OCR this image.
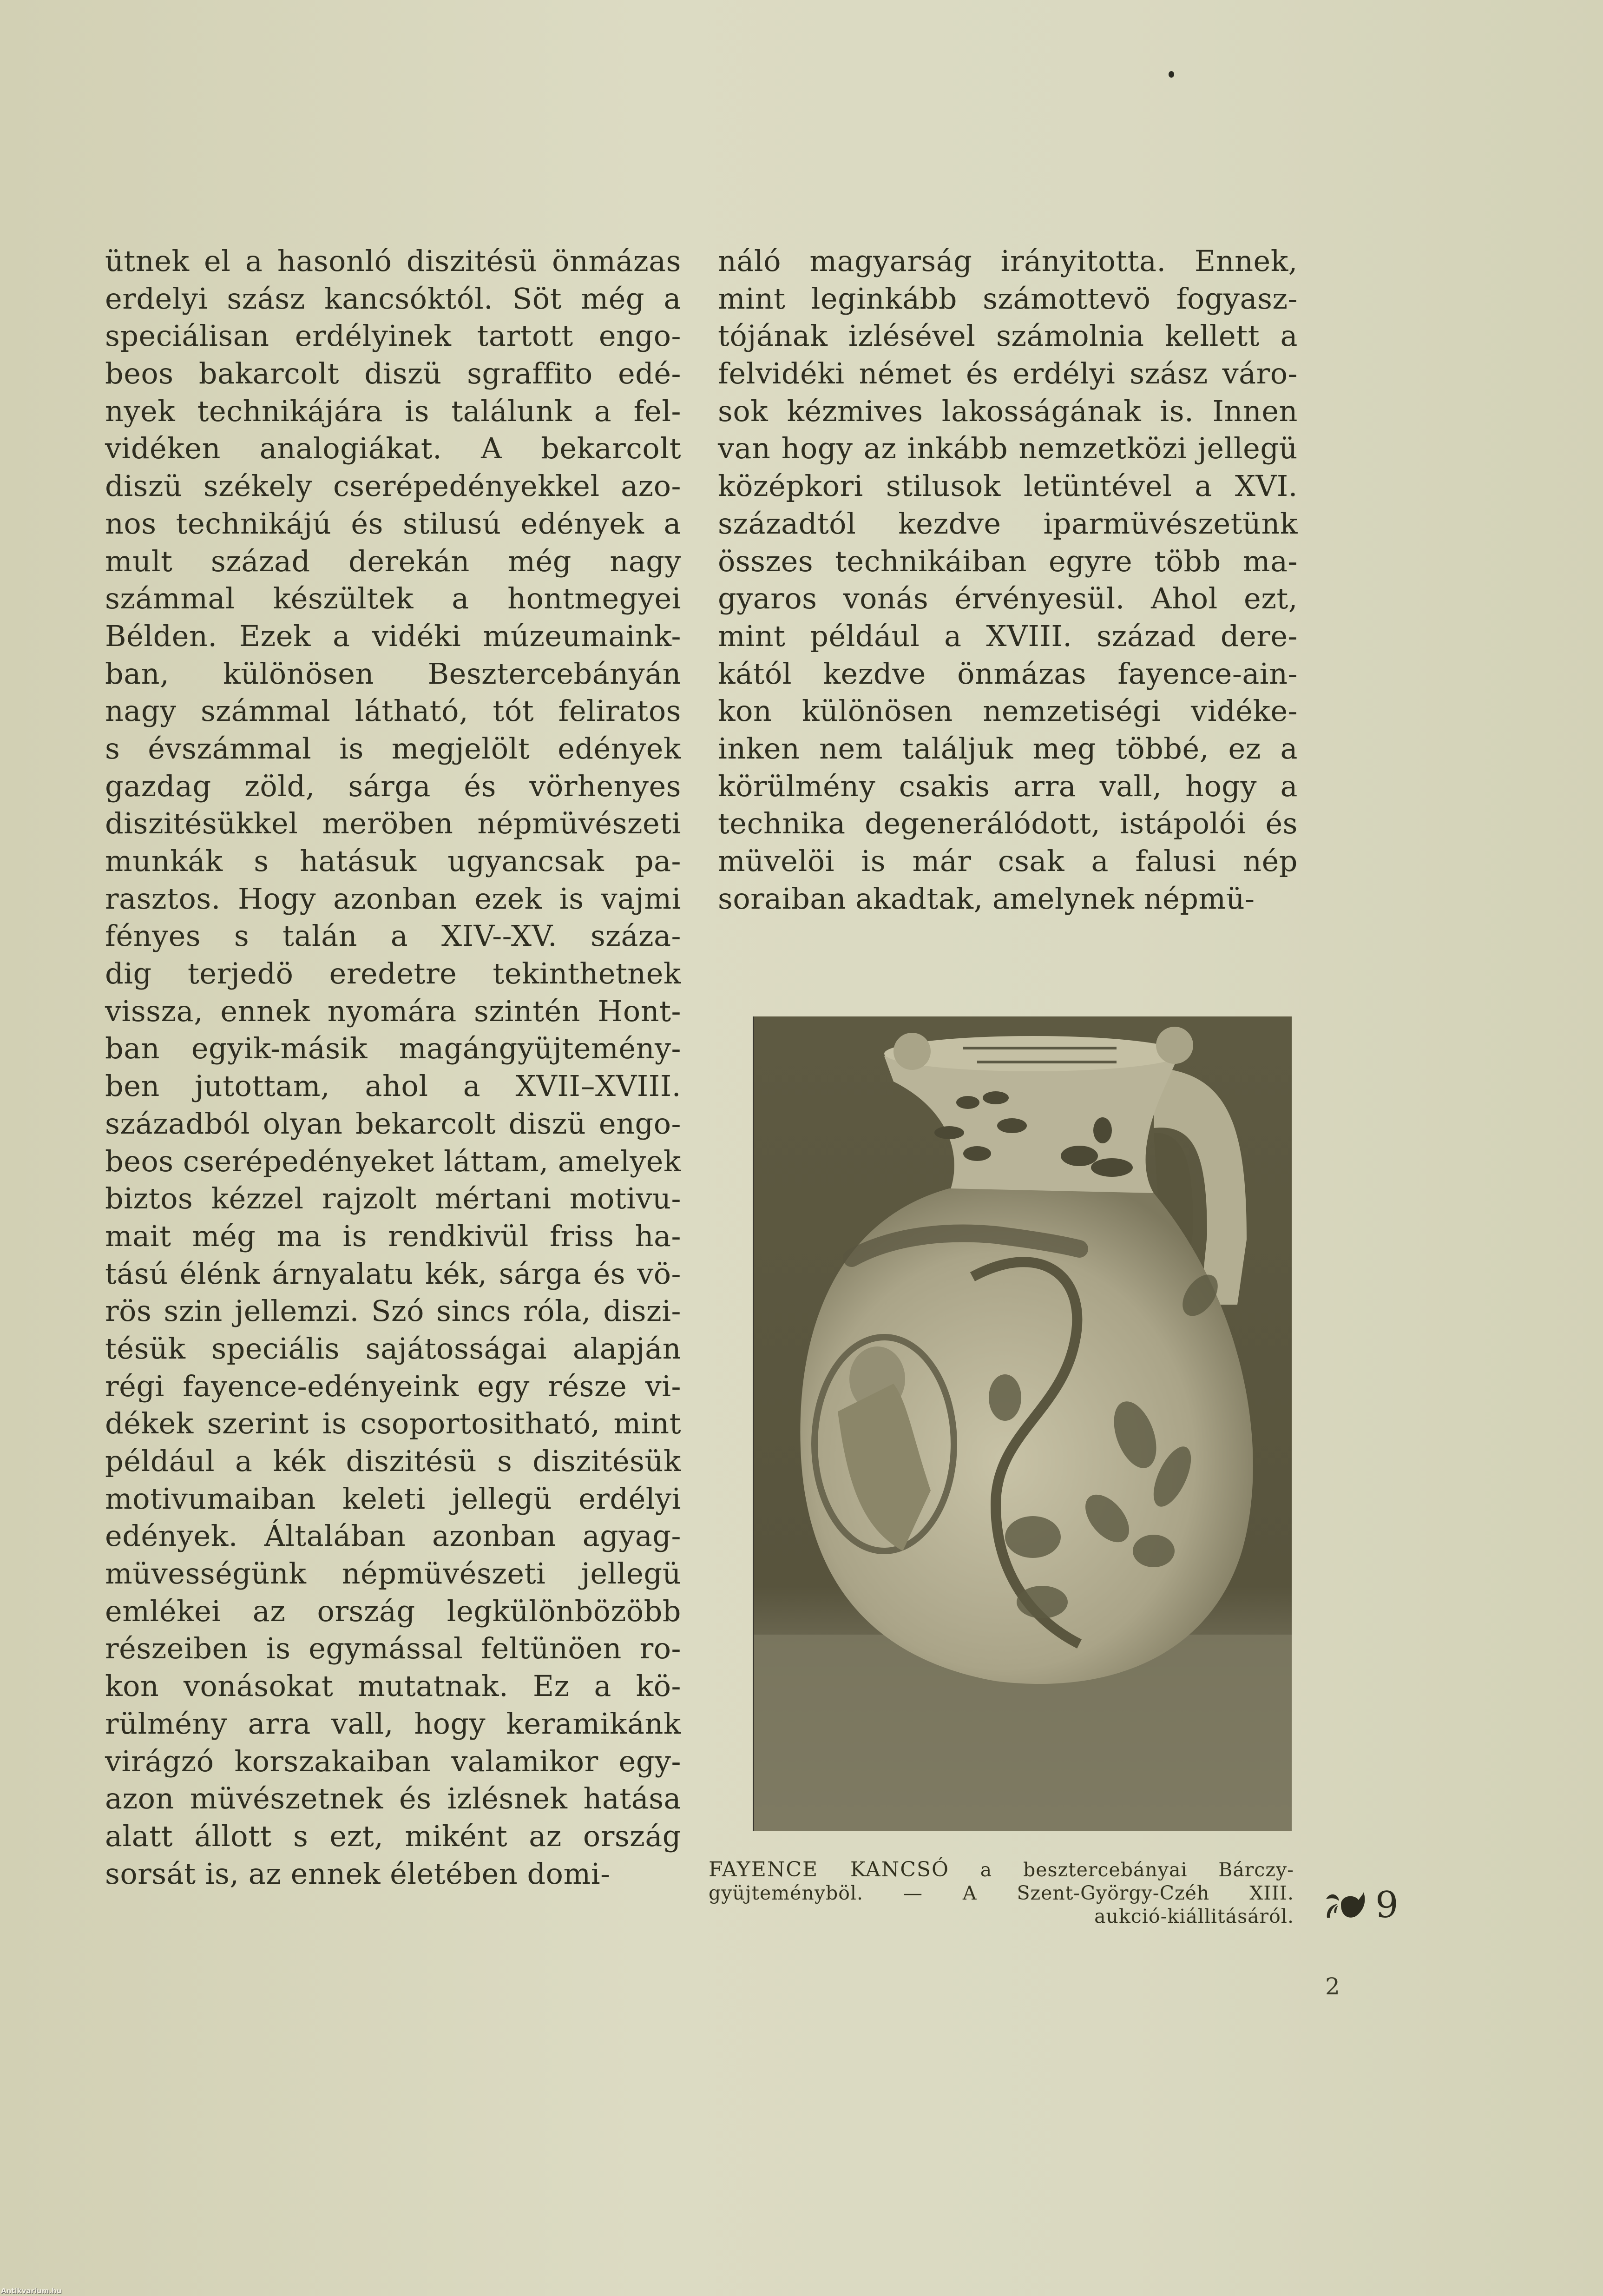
ütnek el a hasonló diszitésü önmázas
erdelyi szász kancsóktól. Söt még a
speciálisan erdélyinek tartott engo-
beos bakarcolt diszü sgraffito edé-
nyek technikájára is találunk a fel-
vidéken analogiákat. A bekarcolt
diszü székely cserépedényekkel azo-
nos technikájú és stilusú edények a
mult század derekán még nagy
számmal készültek a hontmegyei
Bélden. Ezek a vidéki múzeumaink-
ban, különösen Besztercebányán
nagy számmal látható, tót feliratos
s évszámmal is megjelölt edények
gazdag zöld, sárga és vörhenyes
diszitésükkel meröben népmüvészeti
munkák s hatásuk ugyancsak pa-
rasztos. Hogy azonban ezek is vajmi
fényes s talán a XIV--XV. száza-
dig terjedö eredetre tekinthetnek
vissza, ennek nyomára szintén Hont-
ban egyik-másik magángyüjtemény-
ben jutottam, ahol a XVII–XVIII.
századból olyan bekarcolt diszü engo-
beos cserépedényeket láttam, amelyek
biztos kézzel rajzolt mértani motivu-
mait még ma is rendkivül friss ha-
tású élénk árnyalatu kék, sárga és vö-
rös szin jellemzi. Szó sincs róla, diszi-
tésük speciális sajátosságai alapján
régi fayence-edényeink egy része vi-
dékek szerint is csoportositható, mint
például a kék diszitésü s diszitésük
motivumaiban keleti jellegü erdélyi
edények. Általában azonban agyag-
müvességünk népmüvészeti jellegü
emlékei az ország legkülönbözöbb
részeiben is egymással feltünöen ro-
kon vonásokat mutatnak. Ez a kö-
rülmény arra vall, hogy keramikánk
virágzó korszakaiban valamikor egy-
azon müvészetnek és izlésnek hatása
alatt állott s ezt, miként az ország
sorsát is, az ennek életében domi-
náló magyarság irányitotta. Ennek,
mint leginkább számottevö fogyasz-
tójának izlésével számolnia kellett a
felvidéki német és erdélyi szász váro-
sok kézmives lakosságának is. Innen
van hogy az inkább nemzetközi jellegü
középkori stilusok letüntével a XVI.
századtól kezdve iparmüvészetünk
összes technikáiban egyre több ma-
gyaros vonás érvényesül. Ahol ezt,
mint például a XVIII. század dere-
kától kezdve önmázas fayence-ain-
kon különösen nemzetiségi vidéke-
inken nem találjuk meg többé, ez a
körülmény csakis arra vall, hogy a
technika degenerálódott, istápolói és
müvelöi is már csak a falusi nép
soraiban akadtak, amelynek népmü-
FAYENCE KANCSÓ a besztercebányai Bárczy-
gyüjteményböl. — A Szent-György-Czéh XIII.
aukció-kiállitásáról. 9
2
Antikvarium.hu
